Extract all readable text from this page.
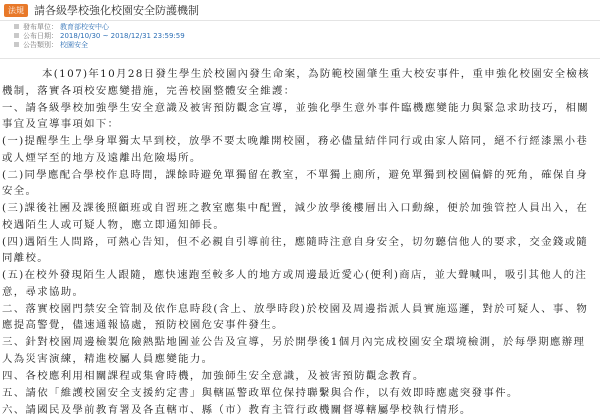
法規 請各級學校強化校園安全防護機制
發布單位： 教育部校安中心
公布日期： 2018/10/30 ~ 2018/12/31 23:59:59
公告類別： 校園安全

本(107)年10月28日發生學生於校園內發生命案，為防範校園肇生重大校安事件，重申強化校園安全檢核機制，落實各項校安應變措施，完善校園整體安全維護：

一、請各級學校加強學生安全意識及被害預防觀念宣導，並強化學生意外事件臨機應變能力與緊急求助技巧，相關事宜及宣導事項如下：

(一)提醒學生上學身單獨太早到校，放學不要太晚離開校園，務必儘量結伴同行或由家人陪同，絕不行經漆黑小巷或人煙罕至的地方及遠離出危險場所。

(二)同學應配合學校作息時間，課餘時避免單獨留在教室，不單獨上廁所，避免單獨到校園偏僻的死角，確保自身安全。

(三)課後社團及課後照顧班或自習班之教室應集中配置，減少放學後樓層出入口動線，便於加強管控人員出入，在校遇陌生人或可疑人物，應立即通知師長。

(四)遇陌生人問路，可熱心告知，但不必親自引導前往，應隨時注意自身安全，切勿聽信他人的要求，交金錢或隨同離校。

(五)在校外發現陌生人跟隨，應快速跑至較多人的地方或周邊最近愛心(便利)商店，並大聲喊叫，吸引其他人的注意，尋求協助。

二、落實校園門禁安全管制及依作息時段(含上、放學時段)於校園及周邊指派人員實施巡邏，對於可疑人、事、物應提高警覺，儘速通報協處，預防校園危安事件發生。

三、針對校園周邊檢製危險熱點地圖並公告及宣導，另於開學後1個月內完成校園安全環境檢測，於每學期應辦理人為災害演練，精進校屬人員應變能力。

四、各校應利用相關課程或集會時機，加強師生安全意識，及被害預防觀念教育。

五、請依「維護校園安全支援約定書」與轄區警政單位保持聯繫與合作，以有效即時應處突發事件。

六、請國民及學前教育署及各直轄市、縣（市）教育主管行政機關督導轄屬學校執行情形。
